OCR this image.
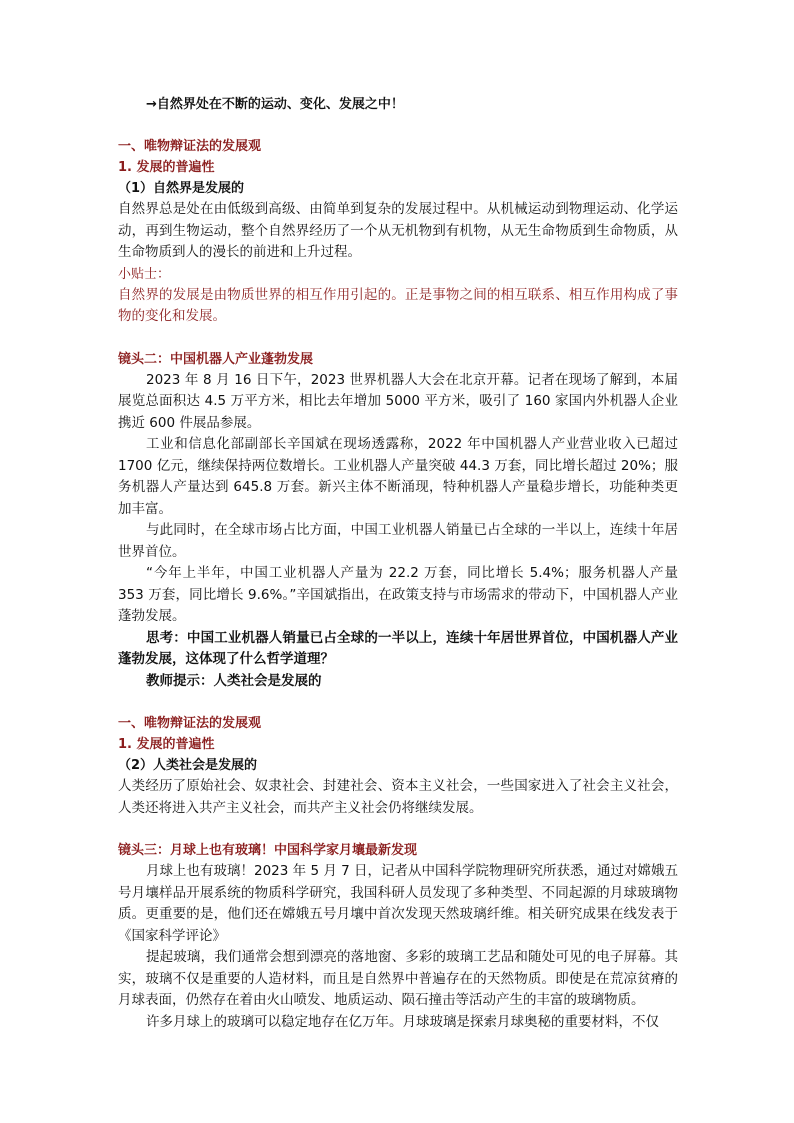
→自然界处在不断的运动、变化、发展之中！

一、唯物辩证法的发展观

1. 发展的普遍性

（1）自然界是发展的

自然界总是处在由低级到高级、由简单到复杂的发展过程中。从机械运动到物理运动、化学运动，再到生物运动，整个自然界经历了一个从无机物到有机物，从无生命物质到生命物质，从生命物质到人的漫长的前进和上升过程。

小贴士：

自然界的发展是由物质世界的相互作用引起的。正是事物之间的相互联系、相互作用构成了事物的变化和发展。

镜头二：中国机器人产业蓬勃发展

2023 年 8 月 16 日下午，2023 世界机器人大会在北京开幕。记者在现场了解到，本届展览总面积达 4.5 万平方米，相比去年增加 5000 平方米，吸引了 160 家国内外机器人企业携近 600 件展品参展。

工业和信息化部副部长辛国斌在现场透露称，2022 年中国机器人产业营业收入已超过 1700 亿元，继续保持两位数增长。工业机器人产量突破 44.3 万套，同比增长超过 20%；服务机器人产量达到 645.8 万套。新兴主体不断涌现，特种机器人产量稳步增长，功能种类更加丰富。

与此同时，在全球市场占比方面，中国工业机器人销量已占全球的一半以上，连续十年居世界首位。

“今年上半年，中国工业机器人产量为 22.2 万套，同比增长 5.4%；服务机器人产量 353 万套，同比增长 9.6%。”辛国斌指出，在政策支持与市场需求的带动下，中国机器人产业蓬勃发展。

思考：中国工业机器人销量已占全球的一半以上，连续十年居世界首位，中国机器人产业蓬勃发展，这体现了什么哲学道理？

教师提示：人类社会是发展的

一、唯物辩证法的发展观

1. 发展的普遍性

（2）人类社会是发展的

人类经历了原始社会、奴隶社会、封建社会、资本主义社会，一些国家进入了社会主义社会，人类还将进入共产主义社会，而共产主义社会仍将继续发展。

镜头三：月球上也有玻璃！中国科学家月壤最新发现

月球上也有玻璃！2023 年 5 月 7 日，记者从中国科学院物理研究所获悉，通过对嫦娥五号月壤样品开展系统的物质科学研究，我国科研人员发现了多种类型、不同起源的月球玻璃物质。更重要的是，他们还在嫦娥五号月壤中首次发现天然玻璃纤维。相关研究成果在线发表于《国家科学评论》

提起玻璃，我们通常会想到漂亮的落地窗、多彩的玻璃工艺品和随处可见的电子屏幕。其实，玻璃不仅是重要的人造材料，而且是自然界中普遍存在的天然物质。即使是在荒凉贫瘠的月球表面，仍然存在着由火山喷发、地质运动、陨石撞击等活动产生的丰富的玻璃物质。

许多月球上的玻璃可以稳定地存在亿万年。月球玻璃是探索月球奥秘的重要材料，不仅
